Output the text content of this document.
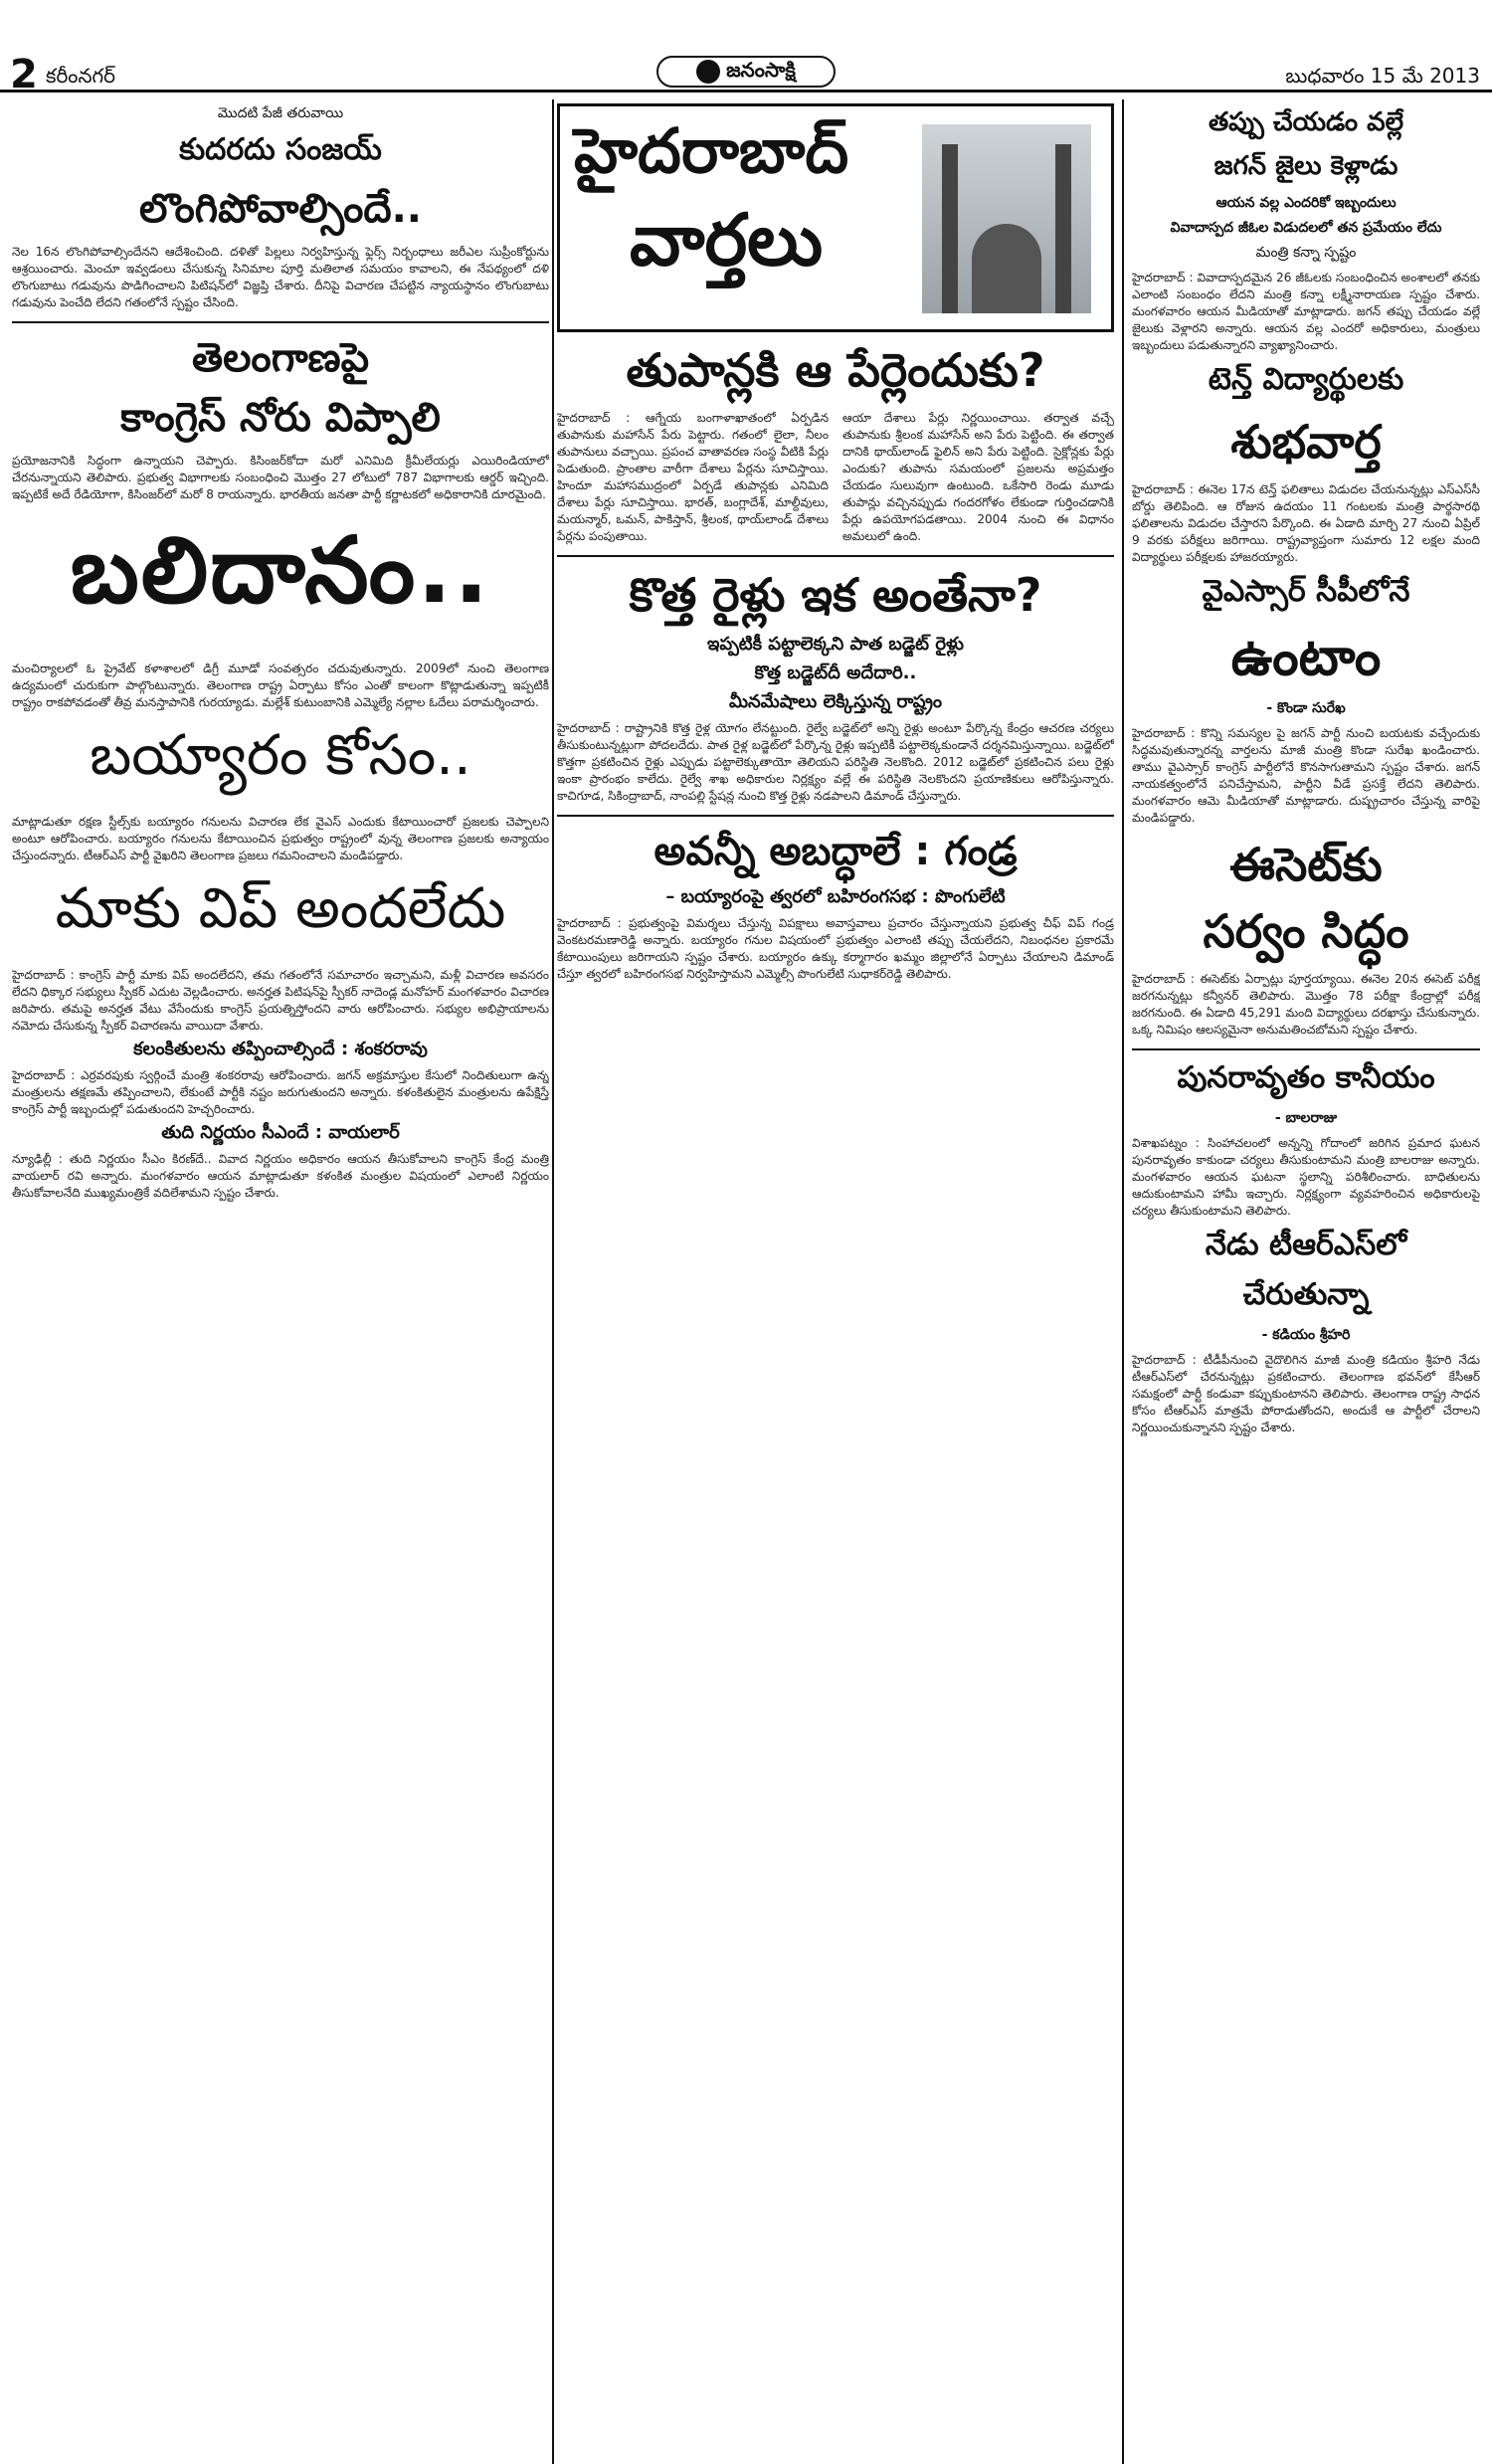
2 కరీంనగర్	జనంసాక్షి	బుధవారం 15 మే 2013
మొదటి పేజీ తరువాయి
కుదరదు సంజయ్
లొంగిపోవాల్సిందే..

నెల 16న లొంగిపోవాల్సిందేనని ఆదేశించింది. దళితో పిల్లలు నిర్వహిస్తున్న ఫ్లెర్స్ నిర్బంధాలు జరీఎల సుప్రీంకోర్టును ఆశ్రయించారు. మెంచూ ఇవ్వడంలు చేసుకున్న సినిమాల పూర్తి మతిలాత సమయం కావాలని, ఈ నేపథ్యంలో దళి లొంగుబాటు గడువును పొడిగించాలని పిటిషన్‌లో విజ్ఞప్తి చేశారు. దీనిపై విచారణ చేపట్టిన న్యాయస్థానం లొంగుబాటు గడువును పెంచేది లేదని గతంలోనే స్పష్టం చేసింది.

తెలంగాణపై
కాంగ్రెస్ నోరు విప్పాలి

ప్రయోజనానికి సిద్ధంగా ఉన్నాయని చెప్పారు. కిసింజర్‌కోదా మరో ఎనిమిది క్రీమీలేయర్లు ఎయిరిండియాలో చేరనున్నాయని తెలిపారు. ప్రభుత్వ విభాగాలకు సంబంధించి మొత్తం 27 లోటులో 787 విభాగాలకు ఆర్డర్ ఇచ్చింది. ఇప్పటికే అదే రేడియోగా, కిసింజర్‌లో మరో 8 రాయన్నారు. భారతీయ జనతా పార్టీ కర్ణాటకలో అధికారానికి దూరమైంది.

బలిదానం..

మంచిర్యాలలో ఓ ప్రైవేట్ కళాశాలలో డిగ్రీ మూడో సంవత్సరం చదువుతున్నారు. 2009లో నుంచి తెలంగాణ ఉద్యమంలో చురుకుగా పాల్గొంటున్నారు. తెలంగాణ రాష్ట్ర ఏర్పాటు కోసం ఎంతో కాలంగా కొట్లాడుతున్నా ఇప్పటికీ రాష్ట్రం రాకపోవడంతో తీవ్ర మనస్తాపానికి గురయ్యాడు. మల్లేశ్ కుటుంబానికి ఎమ్మెల్యే నల్లాల ఓదేలు పరామర్శించారు.

బయ్యారం కోసం..

మాట్లాడుతూ రక్షణ స్టీల్స్‌కు బయ్యారం గనులను విచారణ లేక వైఎస్ ఎందుకు కేటాయించారో ప్రజలకు చెప్పాలని అంటూ ఆరోపించారు. బయ్యారం గనులను కేటాయించిన ప్రభుత్వం రాష్ట్రంలో వున్న తెలంగాణ ప్రజలకు అన్యాయం చేస్తుందన్నారు. టీఆర్‌ఎస్ పార్టీ వైఖరిని తెలంగాణ ప్రజలు గమనించాలని మండిపడ్డారు.

మాకు విప్ అందలేదు

హైదరాబాద్ : కాంగ్రెస్ పార్టీ మాకు విప్ అందలేదని, తమ గతంలోనే సమాచారం ఇచ్చామని, మళ్లీ విచారణ అవసరం లేదని ధిక్కార సభ్యులు స్పీకర్ ఎదుట వెల్లడించారు. అనర్హత పిటిషన్‌పై స్పీకర్ నాదెండ్ల మనోహర్ మంగళవారం విచారణ జరిపారు. తమపై అనర్హత వేటు వేసేందుకు కాంగ్రెస్ ప్రయత్నిస్తోందని వారు ఆరోపించారు. సభ్యుల అభిప్రాయాలను నమోదు చేసుకున్న స్పీకర్ విచారణను వాయిదా వేశారు.

కలంకితులను తప్పించాల్సిందే : శంకరరావు

హైదరాబాద్ : ఎర్రవరపుకు స్వర్గించే మంత్రి శంకరరావు ఆరోపించారు. జగన్ అక్రమాస్తుల కేసులో నిందితులుగా ఉన్న మంత్రులను తక్షణమే తప్పించాలని, లేకుంటే పార్టీకి నష్టం జరుగుతుందని అన్నారు. కళంకితులైన మంత్రులను ఉపేక్షిస్తే కాంగ్రెస్ పార్టీ ఇబ్బందుల్లో పడుతుందని హెచ్చరించారు.

తుది నిర్ణయం సీఎందే : వాయలార్

న్యూఢిల్లీ : తుది నిర్ణయం సీఎం కిరణ్‌దే.. వివాద నిర్ణయం అధికారం ఆయన తీసుకోవాలని కాంగ్రెస్ కేంద్ర మంత్రి వాయలార్ రవి అన్నారు. మంగళవారం ఆయన మాట్లాడుతూ కళంకిత మంత్రుల విషయంలో ఎలాంటి నిర్ణయం తీసుకోవాలనేది ముఖ్యమంత్రికే వదిలేశామని స్పష్టం చేశారు.

హైదరాబాద్
వార్తలు
తుపాన్లకి ఆ పేర్లెందుకు?
హైదరాబాద్ : ఆగ్నేయ బంగాళాఖాతంలో ఏర్పడిన తుపానుకు మహాసేన్ పేరు పెట్టారు. గతంలో లైలా, నీలం తుపానులు వచ్చాయి. ప్రపంచ వాతావరణ సంస్థ వీటికి పేర్లు పెడుతుంది. ప్రాంతాల వారీగా దేశాలు పేర్లను సూచిస్తాయి. హిందూ మహాసముద్రంలో ఏర్పడే తుపాన్లకు ఎనిమిది దేశాలు పేర్లు సూచిస్తాయి. భారత్, బంగ్లాదేశ్, మాల్దీవులు, మయన్మార్, ఒమన్, పాకిస్తాన్, శ్రీలంక, థాయ్‌లాండ్ దేశాలు పేర్లను పంపుతాయి.
ఆయా దేశాలు పేర్లు నిర్ణయించాయి. తర్వాత వచ్చే తుపానుకు శ్రీలంక మహాసేన్ అని పేరు పెట్టింది. ఈ తర్వాత దానికి థాయ్‌లాండ్ ఫైలిన్ అని పేరు పెట్టింది. సైక్లోన్లకు పేర్లు ఎందుకు? తుపాను సమయంలో ప్రజలను అప్రమత్తం చేయడం సులువుగా ఉంటుంది. ఒకేసారి రెండు మూడు తుపాన్లు వచ్చినప్పుడు గందరగోళం లేకుండా గుర్తించడానికి పేర్లు ఉపయోగపడతాయి. 2004 నుంచి ఈ విధానం అమలులో ఉంది.
కొత్త రైళ్లు ఇక అంతేనా?
ఇప్పటికీ పట్టాలెక్కని పాత బడ్జెట్ రైళ్లు
కొత్త బడ్జెట్‌దీ అదేదారి..
మీనమేషాలు లెక్కిస్తున్న రాష్ట్రం

హైదరాబాద్ : రాష్ట్రానికి కొత్త రైళ్ల యోగం లేనట్టుంది. రైల్వే బడ్జెట్‌లో అన్ని రైళ్లు అంటూ పేర్కొన్న కేంద్రం ఆచరణ చర్యలు తీసుకుంటున్నట్లుగా పోదలదేదు. పాత రైళ్ల బడ్జెట్‌లో పేర్కొన్న రైళ్లు ఇప్పటికీ పట్టాలెక్కకుండానే దర్శనమిస్తున్నాయి. బడ్జెట్‌లో కొత్తగా ప్రకటించిన రైళ్లు ఎప్పుడు పట్టాలెక్కుతాయో తెలియని పరిస్థితి నెలకొంది. 2012 బడ్జెట్‌లో ప్రకటించిన పలు రైళ్లు ఇంకా ప్రారంభం కాలేదు. రైల్వే శాఖ అధికారుల నిర్లక్ష్యం వల్లే ఈ పరిస్థితి నెలకొందని ప్రయాణికులు ఆరోపిస్తున్నారు. కాచిగూడ, సికింద్రాబాద్, నాంపల్లి స్టేషన్ల నుంచి కొత్త రైళ్లు నడపాలని డిమాండ్ చేస్తున్నారు.

అవన్నీ అబద్ధాలే : గండ్ర
– బయ్యారంపై త్వరలో బహిరంగసభ : పొంగులేటి

హైదరాబాద్ : ప్రభుత్వంపై విమర్శలు చేస్తున్న విపక్షాలు అవాస్తవాలు ప్రచారం చేస్తున్నాయని ప్రభుత్వ చీఫ్ విప్ గండ్ర వెంకటరమణారెడ్డి అన్నారు. బయ్యారం గనుల విషయంలో ప్రభుత్వం ఎలాంటి తప్పు చేయలేదని, నిబంధనల ప్రకారమే కేటాయింపులు జరిగాయని స్పష్టం చేశారు. బయ్యారం ఉక్కు కర్మాగారం ఖమ్మం జిల్లాలోనే ఏర్పాటు చేయాలని డిమాండ్ చేస్తూ త్వరలో బహిరంగసభ నిర్వహిస్తామని ఎమ్మెల్సీ పొంగులేటి సుధాకర్‌రెడ్డి తెలిపారు.

తప్పు చేయడం వల్లే
జగన్ జైలు కెళ్లాడు
ఆయన వల్ల ఎందరికో ఇబ్బందులు
వివాదాస్పద జీఓల విడుదలలో తన ప్రమేయం లేదు
మంత్రి కన్నా స్పష్టం

హైదరాబాద్ : వివాదాస్పదమైన 26 జీఓలకు సంబంధించిన అంశాలలో తనకు ఎలాంటి సంబంధం లేదని మంత్రి కన్నా లక్ష్మీనారాయణ స్పష్టం చేశారు. మంగళవారం ఆయన మీడియాతో మాట్లాడారు. జగన్ తప్పు చేయడం వల్లే జైలుకు వెళ్లారని అన్నారు. ఆయన వల్ల ఎందరో అధికారులు, మంత్రులు ఇబ్బందులు పడుతున్నారని వ్యాఖ్యానించారు.

టెన్త్ విద్యార్థులకు
శుభవార్త

హైదరాబాద్ : ఈనెల 17న టెన్త్ ఫలితాలు విడుదల చేయనున్నట్లు ఎస్‌ఎస్‌సీ బోర్డు తెలిపింది. ఆ రోజున ఉదయం 11 గంటలకు మంత్రి పార్థసారథి ఫలితాలను విడుదల చేస్తారని పేర్కొంది. ఈ ఏడాది మార్చి 27 నుంచి ఏప్రిల్ 9 వరకు పరీక్షలు జరిగాయి. రాష్ట్రవ్యాప్తంగా సుమారు 12 లక్షల మంది విద్యార్థులు పరీక్షలకు హాజరయ్యారు.

వైఎస్సార్ సీపీలోనే
ఉంటాం
- కొండా సురేఖ

హైదరాబాద్ : కొన్ని సమస్యల పై జగన్ పార్టీ నుంచి బయటకు వచ్చేందుకు సిద్ధమవుతున్నారన్న వార్తలను మాజీ మంత్రి కొండా సురేఖ ఖండించారు. తాము వైఎస్సార్ కాంగ్రెస్ పార్టీలోనే కొనసాగుతామని స్పష్టం చేశారు. జగన్ నాయకత్వంలోనే పనిచేస్తామని, పార్టీని వీడే ప్రసక్తే లేదని తెలిపారు. మంగళవారం ఆమె మీడియాతో మాట్లాడారు. దుష్ప్రచారం చేస్తున్న వారిపై మండిపడ్డారు.

ఈసెట్‌కు
సర్వం సిద్ధం

హైదరాబాద్ : ఈసెట్‌కు ఏర్పాట్లు పూర్తయ్యాయి. ఈనెల 20న ఈసెట్ పరీక్ష జరగనున్నట్లు కన్వీనర్ తెలిపారు. మొత్తం 78 పరీక్షా కేంద్రాల్లో పరీక్ష జరగనుంది. ఈ ఏడాది 45,291 మంది విద్యార్థులు దరఖాస్తు చేసుకున్నారు. ఒక్క నిమిషం ఆలస్యమైనా అనుమతించబోమని స్పష్టం చేశారు.

పునరావృతం కానీయం
- బాలరాజు

విశాఖపట్నం : సింహాచలంలో అన్నన్ని గోదాంలో జరిగిన ప్రమాద ఘటన పునరావృతం కాకుండా చర్యలు తీసుకుంటామని మంత్రి బాలరాజు అన్నారు. మంగళవారం ఆయన ఘటనా స్థలాన్ని పరిశీలించారు. బాధితులను ఆదుకుంటామని హామీ ఇచ్చారు. నిర్లక్ష్యంగా వ్యవహరించిన అధికారులపై చర్యలు తీసుకుంటామని తెలిపారు.

నేడు టీఆర్ఎస్‌లో
చేరుతున్నా
- కడియం శ్రీహరి

హైదరాబాద్ : టీడీపీనుంచి వైదొలిగిన మాజీ మంత్రి కడియం శ్రీహరి నేడు టీఆర్ఎస్‌లో చేరనున్నట్లు ప్రకటించారు. తెలంగాణ భవన్‌లో కేసీఆర్ సమక్షంలో పార్టీ కండువా కప్పుకుంటానని తెలిపారు. తెలంగాణ రాష్ట్ర సాధన కోసం టీఆర్ఎస్ మాత్రమే పోరాడుతోందని, అందుకే ఆ పార్టీలో చేరాలని నిర్ణయించుకున్నానని స్పష్టం చేశారు.
